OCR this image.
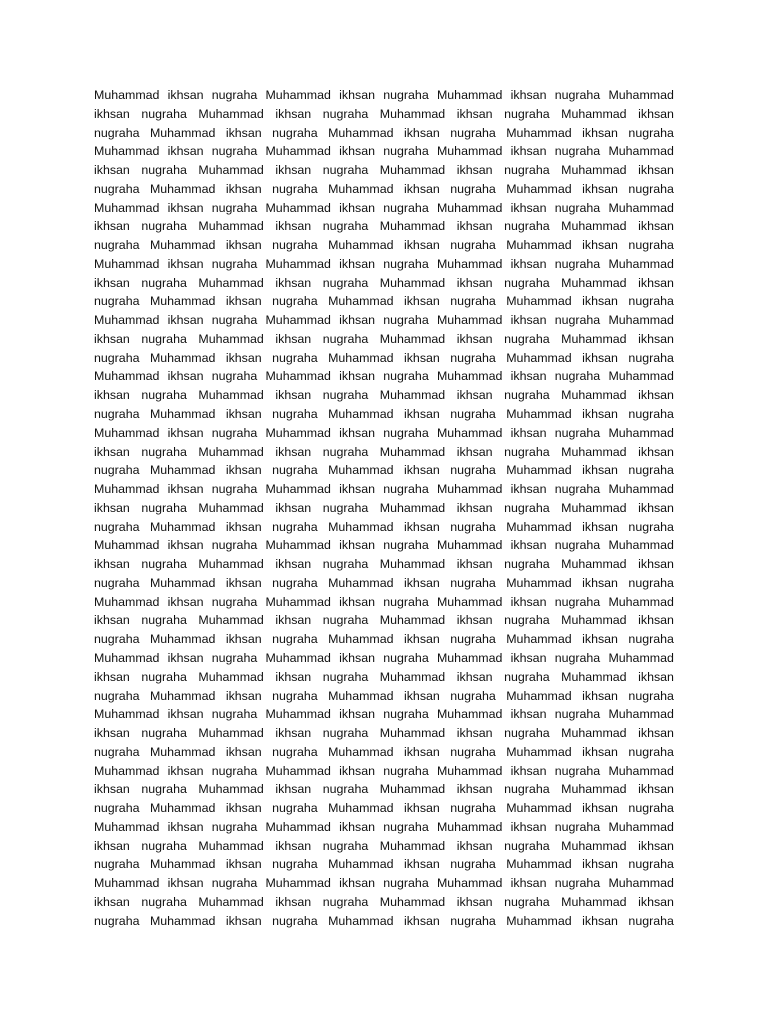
Muhammad ikhsan nugraha Muhammad ikhsan nugraha Muhammad ikhsan nugraha Muhammad
ikhsan nugraha Muhammad ikhsan nugraha Muhammad ikhsan nugraha Muhammad ikhsan
nugraha Muhammad ikhsan nugraha Muhammad ikhsan nugraha Muhammad ikhsan nugraha
Muhammad ikhsan nugraha Muhammad ikhsan nugraha Muhammad ikhsan nugraha Muhammad
ikhsan nugraha Muhammad ikhsan nugraha Muhammad ikhsan nugraha Muhammad ikhsan
nugraha Muhammad ikhsan nugraha Muhammad ikhsan nugraha Muhammad ikhsan nugraha
Muhammad ikhsan nugraha Muhammad ikhsan nugraha Muhammad ikhsan nugraha Muhammad
ikhsan nugraha Muhammad ikhsan nugraha Muhammad ikhsan nugraha Muhammad ikhsan
nugraha Muhammad ikhsan nugraha Muhammad ikhsan nugraha Muhammad ikhsan nugraha
Muhammad ikhsan nugraha Muhammad ikhsan nugraha Muhammad ikhsan nugraha Muhammad
ikhsan nugraha Muhammad ikhsan nugraha Muhammad ikhsan nugraha Muhammad ikhsan
nugraha Muhammad ikhsan nugraha Muhammad ikhsan nugraha Muhammad ikhsan nugraha
Muhammad ikhsan nugraha Muhammad ikhsan nugraha Muhammad ikhsan nugraha Muhammad
ikhsan nugraha Muhammad ikhsan nugraha Muhammad ikhsan nugraha Muhammad ikhsan
nugraha Muhammad ikhsan nugraha Muhammad ikhsan nugraha Muhammad ikhsan nugraha
Muhammad ikhsan nugraha Muhammad ikhsan nugraha Muhammad ikhsan nugraha Muhammad
ikhsan nugraha Muhammad ikhsan nugraha Muhammad ikhsan nugraha Muhammad ikhsan
nugraha Muhammad ikhsan nugraha Muhammad ikhsan nugraha Muhammad ikhsan nugraha
Muhammad ikhsan nugraha Muhammad ikhsan nugraha Muhammad ikhsan nugraha Muhammad
ikhsan nugraha Muhammad ikhsan nugraha Muhammad ikhsan nugraha Muhammad ikhsan
nugraha Muhammad ikhsan nugraha Muhammad ikhsan nugraha Muhammad ikhsan nugraha
Muhammad ikhsan nugraha Muhammad ikhsan nugraha Muhammad ikhsan nugraha Muhammad
ikhsan nugraha Muhammad ikhsan nugraha Muhammad ikhsan nugraha Muhammad ikhsan
nugraha Muhammad ikhsan nugraha Muhammad ikhsan nugraha Muhammad ikhsan nugraha
Muhammad ikhsan nugraha Muhammad ikhsan nugraha Muhammad ikhsan nugraha Muhammad
ikhsan nugraha Muhammad ikhsan nugraha Muhammad ikhsan nugraha Muhammad ikhsan
nugraha Muhammad ikhsan nugraha Muhammad ikhsan nugraha Muhammad ikhsan nugraha
Muhammad ikhsan nugraha Muhammad ikhsan nugraha Muhammad ikhsan nugraha Muhammad
ikhsan nugraha Muhammad ikhsan nugraha Muhammad ikhsan nugraha Muhammad ikhsan
nugraha Muhammad ikhsan nugraha Muhammad ikhsan nugraha Muhammad ikhsan nugraha
Muhammad ikhsan nugraha Muhammad ikhsan nugraha Muhammad ikhsan nugraha Muhammad
ikhsan nugraha Muhammad ikhsan nugraha Muhammad ikhsan nugraha Muhammad ikhsan
nugraha Muhammad ikhsan nugraha Muhammad ikhsan nugraha Muhammad ikhsan nugraha
Muhammad ikhsan nugraha Muhammad ikhsan nugraha Muhammad ikhsan nugraha Muhammad
ikhsan nugraha Muhammad ikhsan nugraha Muhammad ikhsan nugraha Muhammad ikhsan
nugraha Muhammad ikhsan nugraha Muhammad ikhsan nugraha Muhammad ikhsan nugraha
Muhammad ikhsan nugraha Muhammad ikhsan nugraha Muhammad ikhsan nugraha Muhammad
ikhsan nugraha Muhammad ikhsan nugraha Muhammad ikhsan nugraha Muhammad ikhsan
nugraha Muhammad ikhsan nugraha Muhammad ikhsan nugraha Muhammad ikhsan nugraha
Muhammad ikhsan nugraha Muhammad ikhsan nugraha Muhammad ikhsan nugraha Muhammad
ikhsan nugraha Muhammad ikhsan nugraha Muhammad ikhsan nugraha Muhammad ikhsan
nugraha Muhammad ikhsan nugraha Muhammad ikhsan nugraha Muhammad ikhsan nugraha
Muhammad ikhsan nugraha Muhammad ikhsan nugraha Muhammad ikhsan nugraha Muhammad
ikhsan nugraha Muhammad ikhsan nugraha Muhammad ikhsan nugraha Muhammad ikhsan
nugraha Muhammad ikhsan nugraha Muhammad ikhsan nugraha Muhammad ikhsan nugraha
